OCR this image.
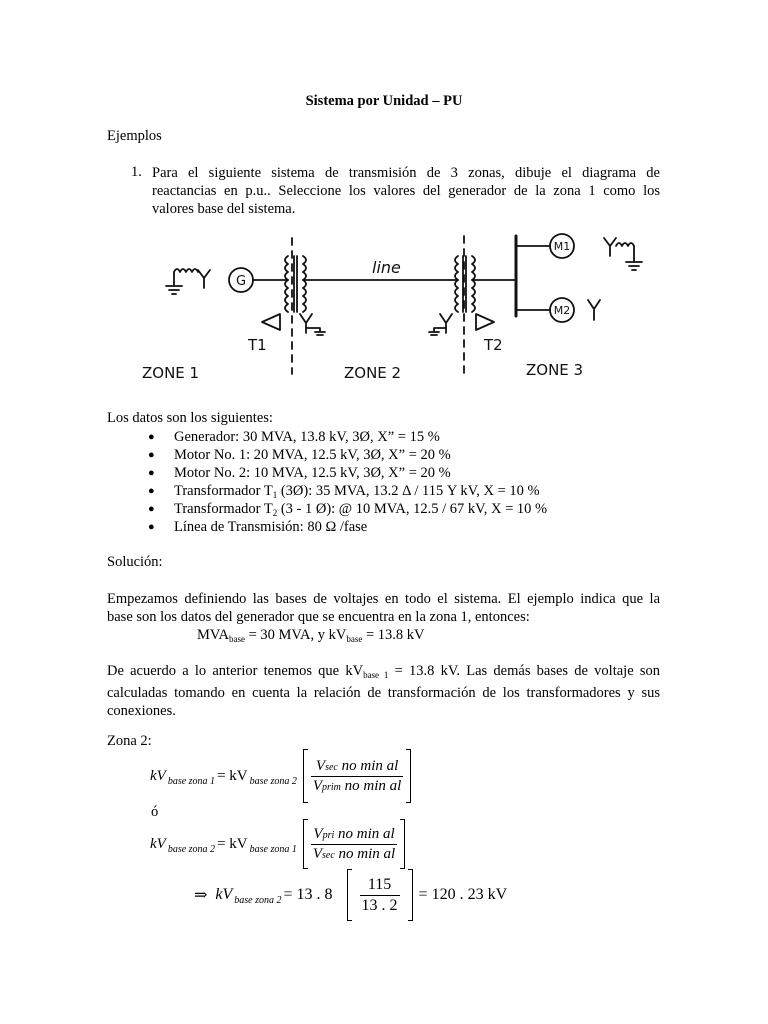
Sistema por Unidad – PU
Ejemplos
1. Para el siguiente sistema de transmisión de 3 zonas, dibuje el diagrama de
reactancias en p.u.. Seleccione los valores del generador de la zona 1 como los
valores base del sistema.
G
line
M1
M2
T1	T2
ZONE 1	ZONE 2	ZONE 3
Los datos son los siguientes:
● Generador: 30 MVA, 13.8 kV, 3Ø, X” = 15 %
● Motor No. 1: 20 MVA, 12.5 kV, 3Ø, X” = 20 %
● Motor No. 2: 10 MVA, 12.5 kV, 3Ø, X” = 20 %
● Transformador $T_1$ (3Ø): 35 MVA, 13.2 Δ / 115 Y kV, X = 10 %
● Transformador $T_2$ (3 - 1 Ø): @ 10 MVA, 12.5 / 67 kV, X = 10 %
● Línea de Transmisión: 80 Ω /fase
Solución:
Empezamos definiendo las bases de voltajes en todo el sistema. El ejemplo indica que la
base son los datos del generador que se encuentra en la zona 1, entonces:
$MVA_{base} = 30$ MVA, y $kV_{base} = 13.8$ kV
De acuerdo a lo anterior tenemos que $kV_{base 1} = 13.8$ kV. Las demás bases de voltaje son
calculadas tomando en cuenta la relación de transformación de los transformadores y sus
conexiones.
Zona 2:
kV base zona 1 = kV base zona $2 \frac{\text{Vsec no min al}}{\text{Vprim no min al}}$
ó
kV base zona 2 = kV base zona $1 \frac{\text{Vpri no min al}}{\text{Vsec no min al}}$
⇒ kV base zona 2 = 13 . $8 \frac{115}{13 . 2} = 120$ . 23 kV
